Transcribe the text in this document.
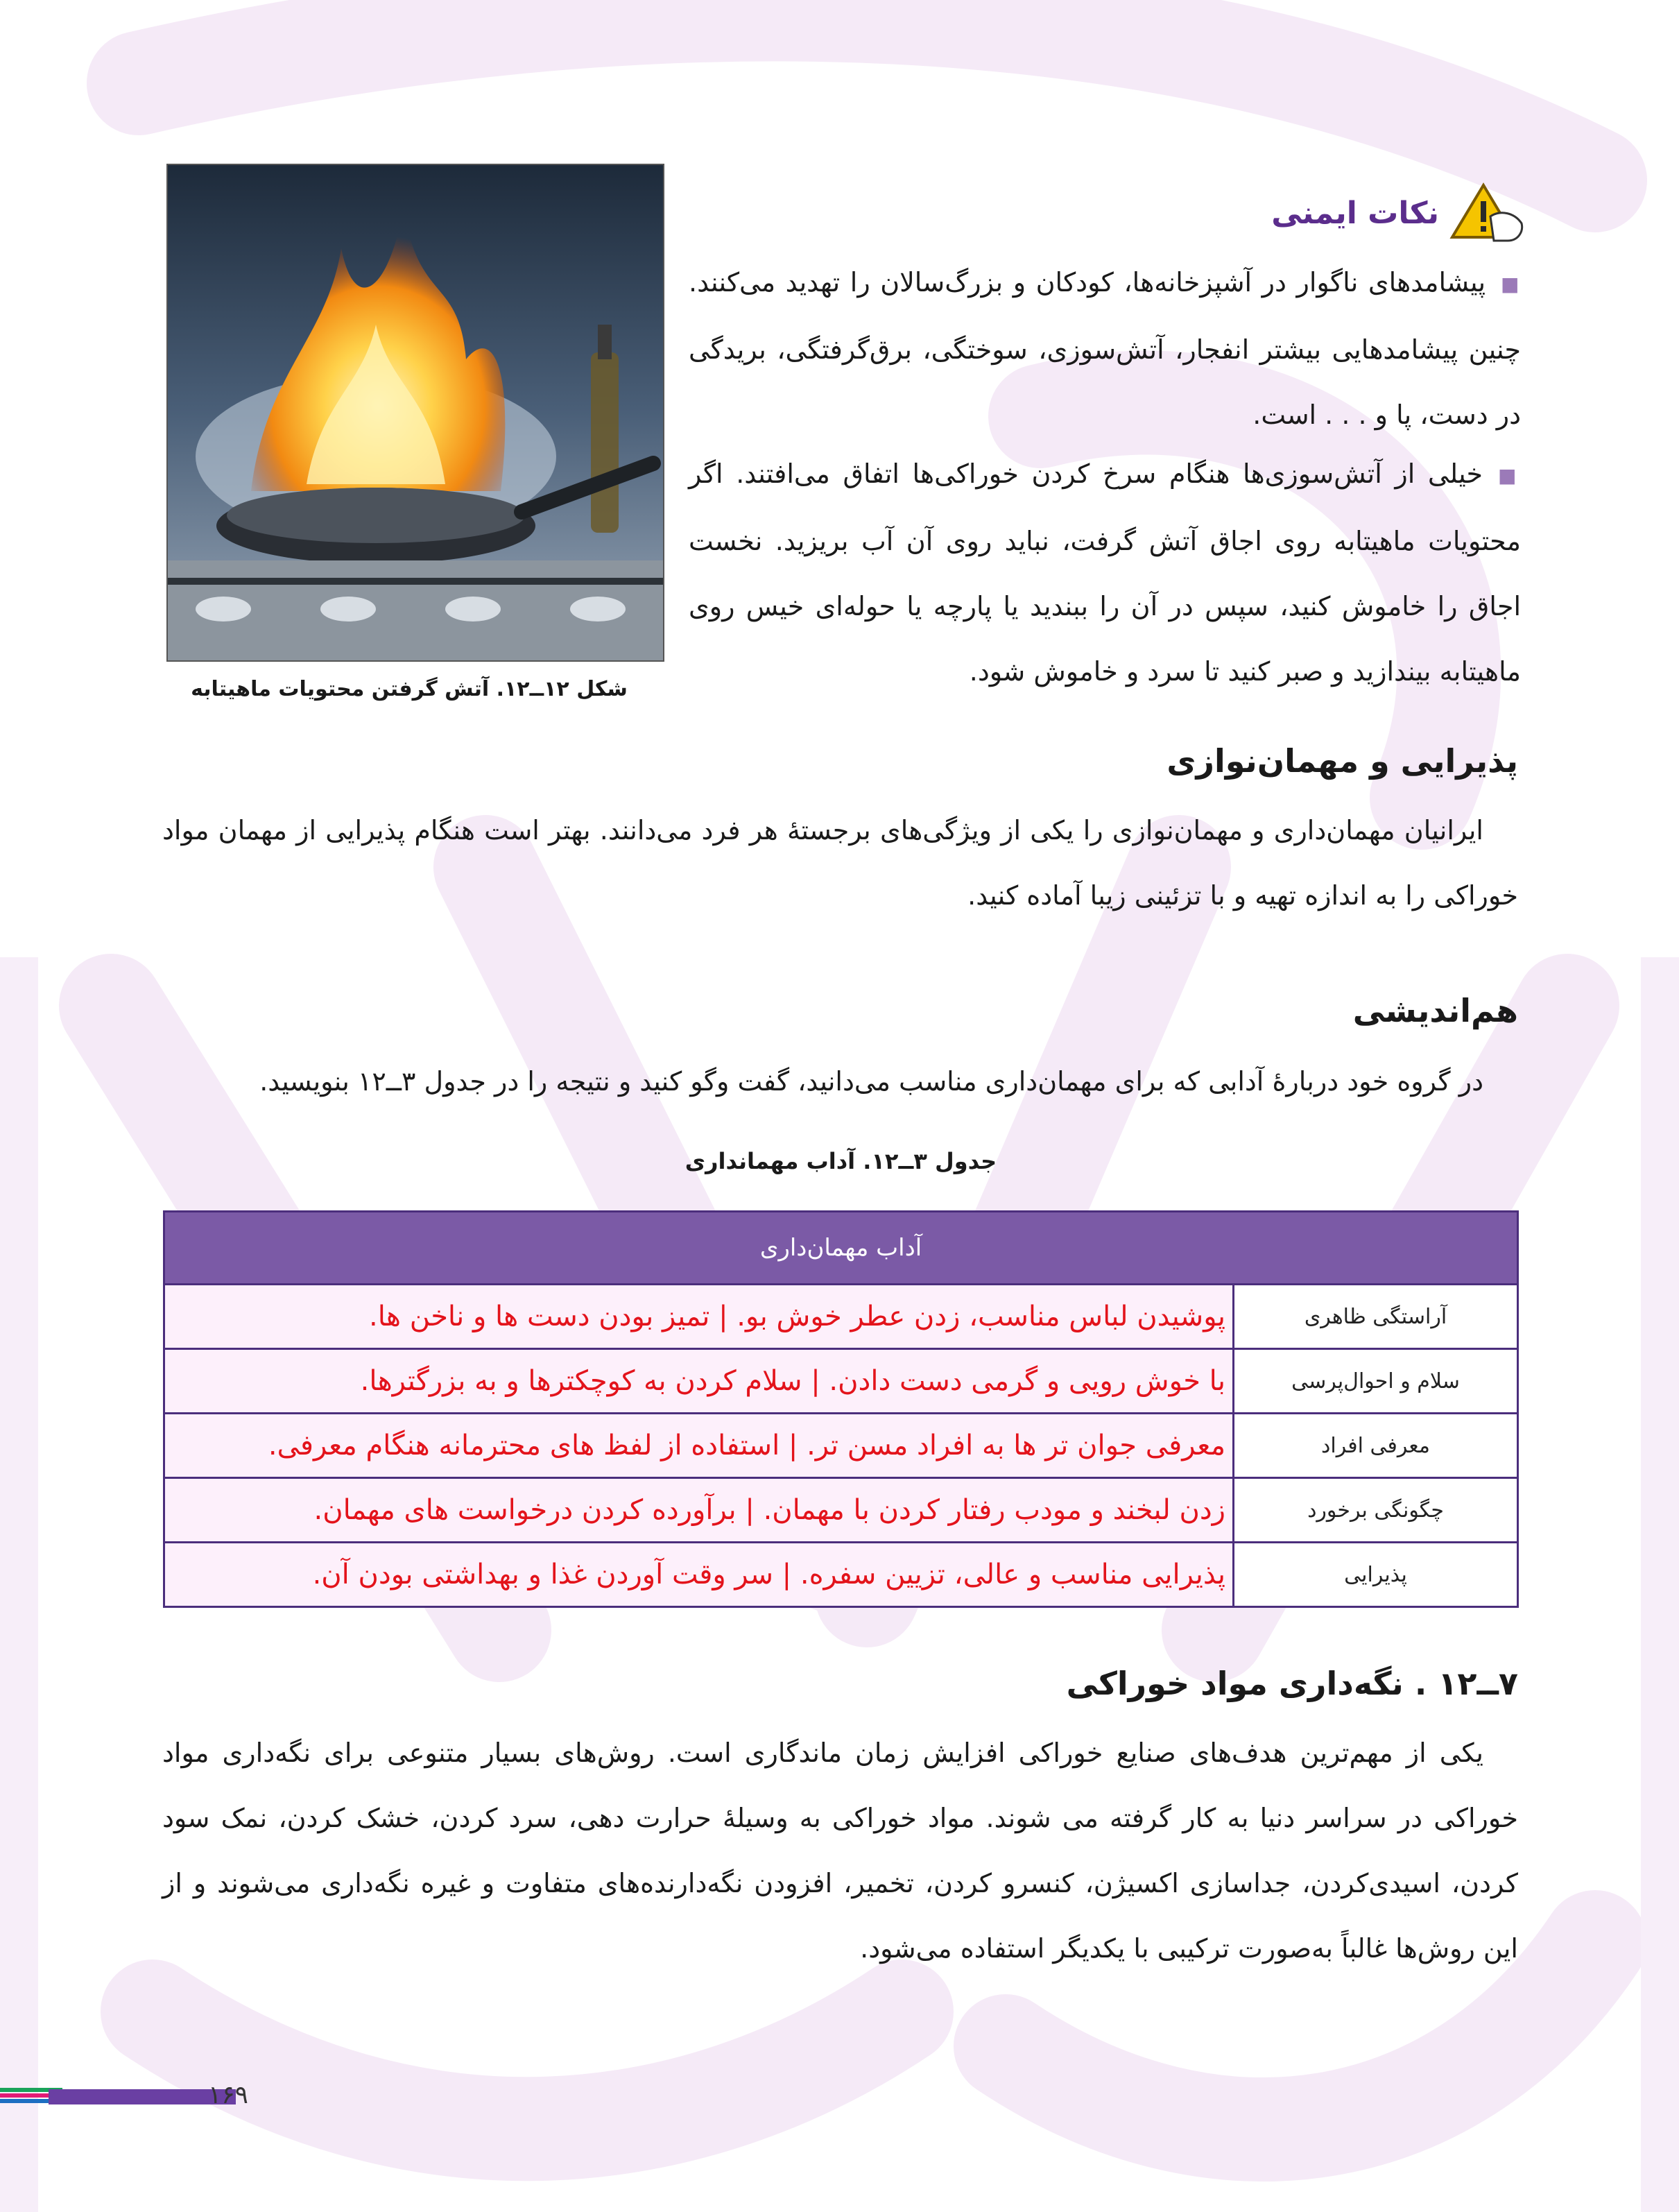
شکل ۱۲ــ۱۲. آتش گرفتن محتویات ماهیتابه
نکات ایمنی
■پیشامدهای ناگوار در آشپزخانه‌ها، کودکان و بزرگ‌سالان را تهدید می‌کنند. چنین پیشامدهایی بیشتر انفجار، آتش‌سوزی، سوختگی، برق‌گرفتگی، بریدگی در دست، پا و . . . است.
■خیلی از آتش‌سوزی‌ها هنگام سرخ کردن خوراکی‌ها اتفاق می‌افتند. اگر محتویات ماهیتابه روی اجاق آتش گرفت، نباید روی آن آب بریزید. نخست اجاق را خاموش کنید، سپس در آن را ببندید یا پارچه یا حوله‌ای خیس روی ماهیتابه بیندازید و صبر کنید تا سرد و خاموش شود.
پذیرایی و مهمان‌نوازی
ایرانیان مهمان‌داری و مهمان‌نوازی را یکی از ویژگی‌های برجستهٔ هر فرد می‌دانند. بهتر است هنگام پذیرایی از مهمان مواد خوراکی را به اندازه تهیه و با تزئینی زیبا آماده کنید.
هم‌اندیشی
در گروه خود دربارهٔ آدابی که برای مهمان‌داری مناسب می‌دانید، گفت وگو کنید و نتیجه را در جدول ۳ــ۱۲ بنویسید.
جدول ۳ــ۱۲. آداب مهمانداری
آداب مهمان‌داری	
آراستگی ظاهری	پوشیدن لباس مناسب، زدن عطر خوش بو. | تمیز بودن دست ها و ناخن ها.
سلام و احوال‌پرسی	با خوش رویی و گرمی دست دادن. | سلام کردن به کوچکترها و به بزرگترها.
معرفی افراد	معرفی جوان تر ها به افراد مسن تر. | استفاده از لفظ های محترمانه هنگام معرفی.
چگونگی برخورد	زدن لبخند و مودب رفتار کردن با مهمان. | برآورده کردن درخواست های مهمان.
پذیرایی	پذیرایی مناسب و عالی، تزیین سفره. | سر وقت آوردن غذا و بهداشتی بودن آن.
۷ــ۱۲ . نگه‌داری مواد خوراکی
یکی از مهم‌ترین هدف‌های صنایع خوراکی افزایش زمان ماندگاری است. روش‌های بسیار متنوعی برای نگه‌داری مواد خوراکی در سراسر دنیا به کار گرفته می شوند. مواد خوراکی به وسیلهٔ حرارت دهی، سرد کردن، خشک کردن، نمک سود کردن، اسیدی‌کردن، جداسازی اکسیژن، کنسرو کردن، تخمیر، افزودن نگه‌دارنده‌های متفاوت و غیره نگه‌داری می‌شوند و از این روش‌ها غالباً به‌صورت ترکیبی با یکدیگر استفاده می‌شود.
۱۶۹
